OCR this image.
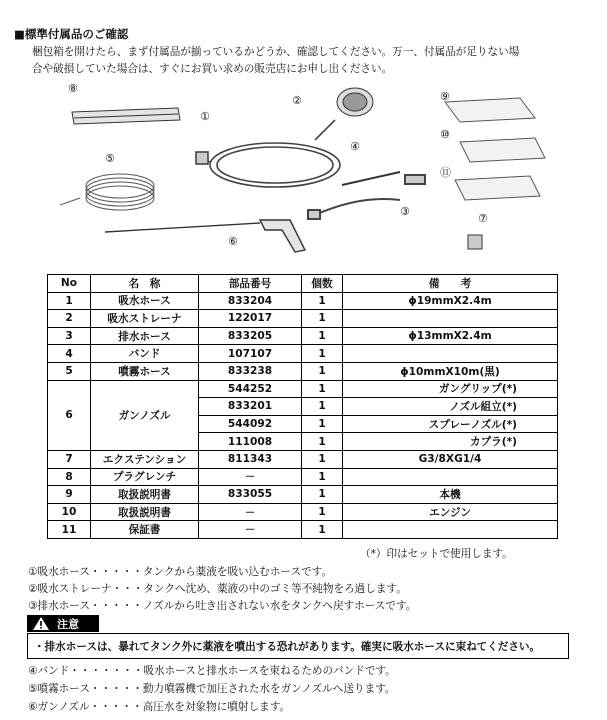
■標準付属品のご確認
梱包箱を開けたら、まず付属品が揃っているかどうか、確認してください。万一、付属品が足りない場
合や破損していた場合は、すぐにお買い求めの販売店にお申し出ください。
⑧
①
②
④
③
⑤
⑥
⑦
⑨
⑩
⑪
No	名　称	部品番号	個数	備　　考
1	吸水ホース	833204	1	ϕ19mmX2.4m
2	吸水ストレーナ	122017	1	
3	排水ホース	833205	1	ϕ13mmX2.4m
4	バンド	107107	1	
5	噴霧ホース	833238	1	ϕ10mmX10m(黒)
6	ガンノズル	544252	1	ガングリップ(*)
		833201	1	ノズル組立(*)
		544092	1	スプレーノズル(*)
		111008	1	カプラ(*)
7	エクステンション	811343	1	G3/8XG1/4
8	プラグレンチ	－	1	
9	取扱説明書	833055	1	本機
10	取扱説明書	－	1	エンジン
11	保証書	－	1	
（*）印はセットで使用します。
①吸水ホース・・・・・タンクから薬液を吸い込むホースです。
②吸水ストレーナ・・・タンクへ沈め、薬液の中のゴミ等不純物をろ過します。
③排水ホース・・・・・ノズルから吐き出されない水をタンクへ戻すホースです。
注意
・排水ホースは、暴れてタンク外に薬液を噴出する恐れがあります。確実に吸水ホースに束ねてください。
④バンド・・・・・・・吸水ホースと排水ホースを束ねるためのバンドです。
⑤噴霧ホース・・・・・動力噴霧機で加圧された水をガンノズルへ送ります。
⑥ガンノズル・・・・・高圧水を対象物に噴射します。
